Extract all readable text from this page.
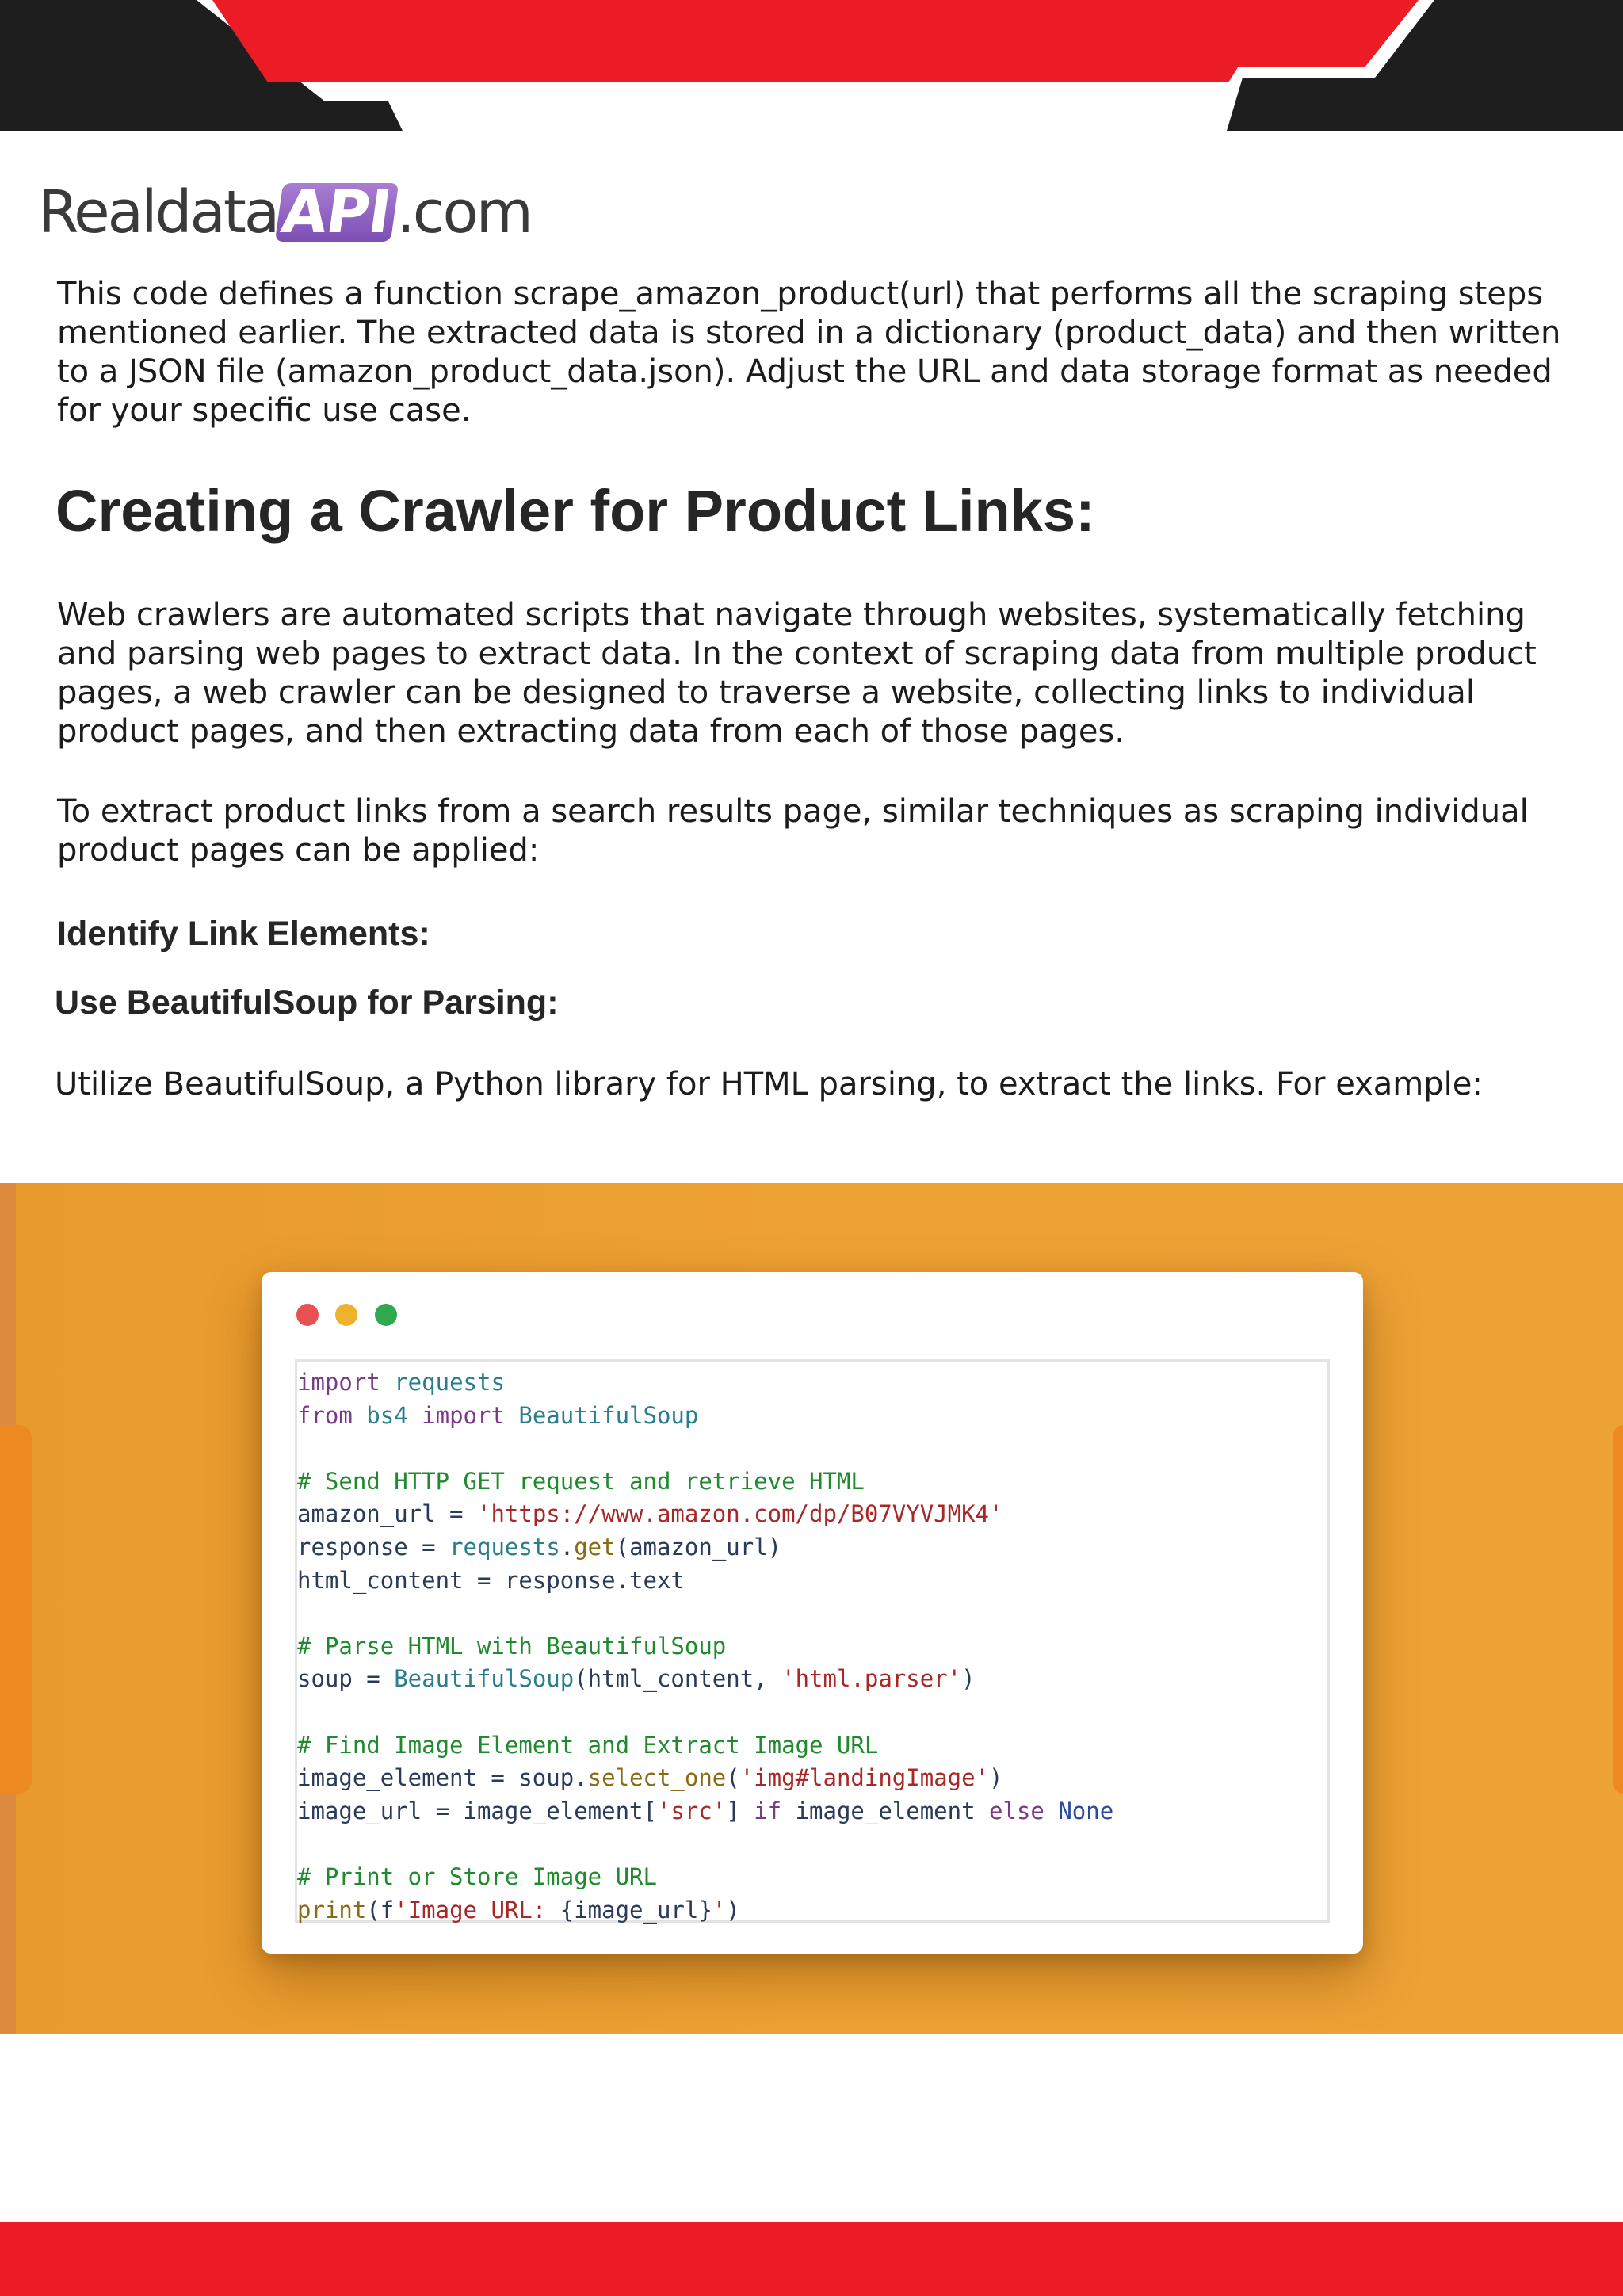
Realdata API .com

This code defines a function scrape_amazon_product(url) that performs all the scraping steps mentioned earlier. The extracted data is stored in a dictionary (product_data) and then written to a JSON file (amazon_product_data.json). Adjust the URL and data storage format as needed for your specific use case.

Creating a Crawler for Product Links:

Web crawlers are automated scripts that navigate through websites, systematically fetching and parsing web pages to extract data. In the context of scraping data from multiple product pages, a web crawler can be designed to traverse a website, collecting links to individual product pages, and then extracting data from each of those pages.

To extract product links from a search results page, similar techniques as scraping individual product pages can be applied:

Identify Link Elements:
Use BeautifulSoup for Parsing:

Utilize BeautifulSoup, a Python library for HTML parsing, to extract the links. For example:

import requests
from bs4 import BeautifulSoup

# Send HTTP GET request and retrieve HTML
amazon_url = 'https://www.amazon.com/dp/B07VYVJMK4'
response = requests.get(amazon_url)
html_content = response.text

# Parse HTML with BeautifulSoup
soup = BeautifulSoup(html_content, 'html.parser')

# Find Image Element and Extract Image URL
image_element = soup.select_one('img#landingImage')
image_url = image_element['src'] if image_element else None

# Print or Store Image URL
print(f'Image URL: {image_url}')
